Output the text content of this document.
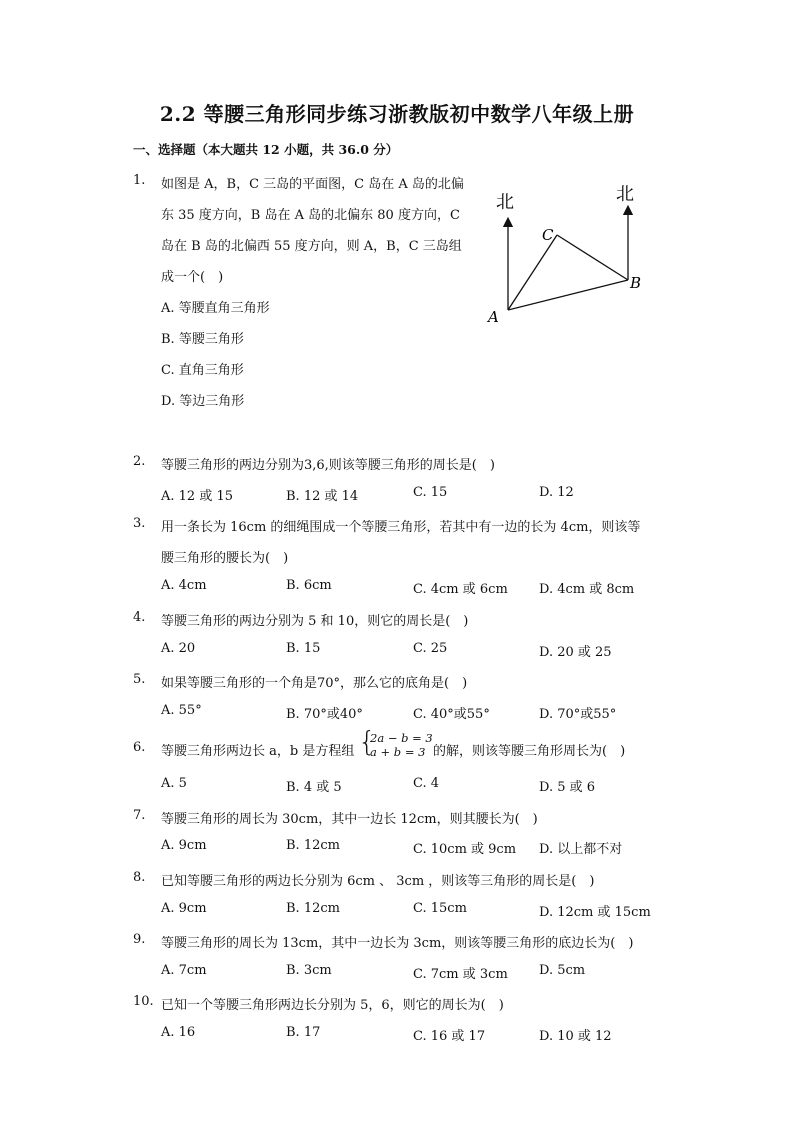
2.2 等腰三角形同步练习浙教版初中数学八年级上册
一、选择题（本大题共 12 小题，共 36.0 分）
1. 如图是 A，B，C 三岛的平面图，C 岛在 A 岛的北偏
东 35 度方向，B 岛在 A 岛的北偏东 80 度方向，C
岛在 B 岛的北偏西 55 度方向，则 A，B，C 三岛组
成一个(　)
A. 等腰直角三角形
B. 等腰三角形
C. 直角三角形
D. 等边三角形
北	北
A
B
C
2. 等腰三角形的两边分别为3,6,则该等腰三角形的周长是(　)
A. 12 或 15	B. 12 或 14	C. 15	D. 12
3. 用一条长为 16cm 的细绳围成一个等腰三角形，若其中有一边的长为 4cm，则该等
腰三角形的腰长为(　)
A. 4cm	B. 6cm	C. 4cm 或 6cm D. 4cm 或 8cm
4. 等腰三角形的两边分别为 5 和 10，则它的周长是(　)
A. 20	B. 15	C. 25	D. 20 或 25
5. 如果等腰三角形的一个角是70°，那么它的底角是(　)
A. 55°	B. 70°或40°	C. 40°或55°	D. 70°或55°
6. 等腰三角形两边长 a，b 是方程组 {
2a − b = 3
a + b = 3 的解，则该等腰三角形周长为(　)
A. 5	B. 4 或 5	C. 4	D. 5 或 6
7. 等腰三角形的周长为 30cm，其中一边长 12cm，则其腰长为(　)
A. 9cm	B. 12cm	C. 10cm 或 9cm D. 以上都不对
8. 已知等腰三角形的两边长分别为 6cm 、 3cm ，则该等三角形的周长是(　)
A. 9cm	B. 12cm	C. 15cm	D. 12cm 或 15cm
9. 等腰三角形的周长为 13cm，其中一边长为 3cm，则该等腰三角形的底边长为(　)
A. 7cm	B. 3cm	C. 7cm 或 3cm D. 5cm
10. 已知一个等腰三角形两边长分别为 5，6，则它的周长为(　)
A. 16	B. 17	C. 16 或 17	D. 10 或 12
